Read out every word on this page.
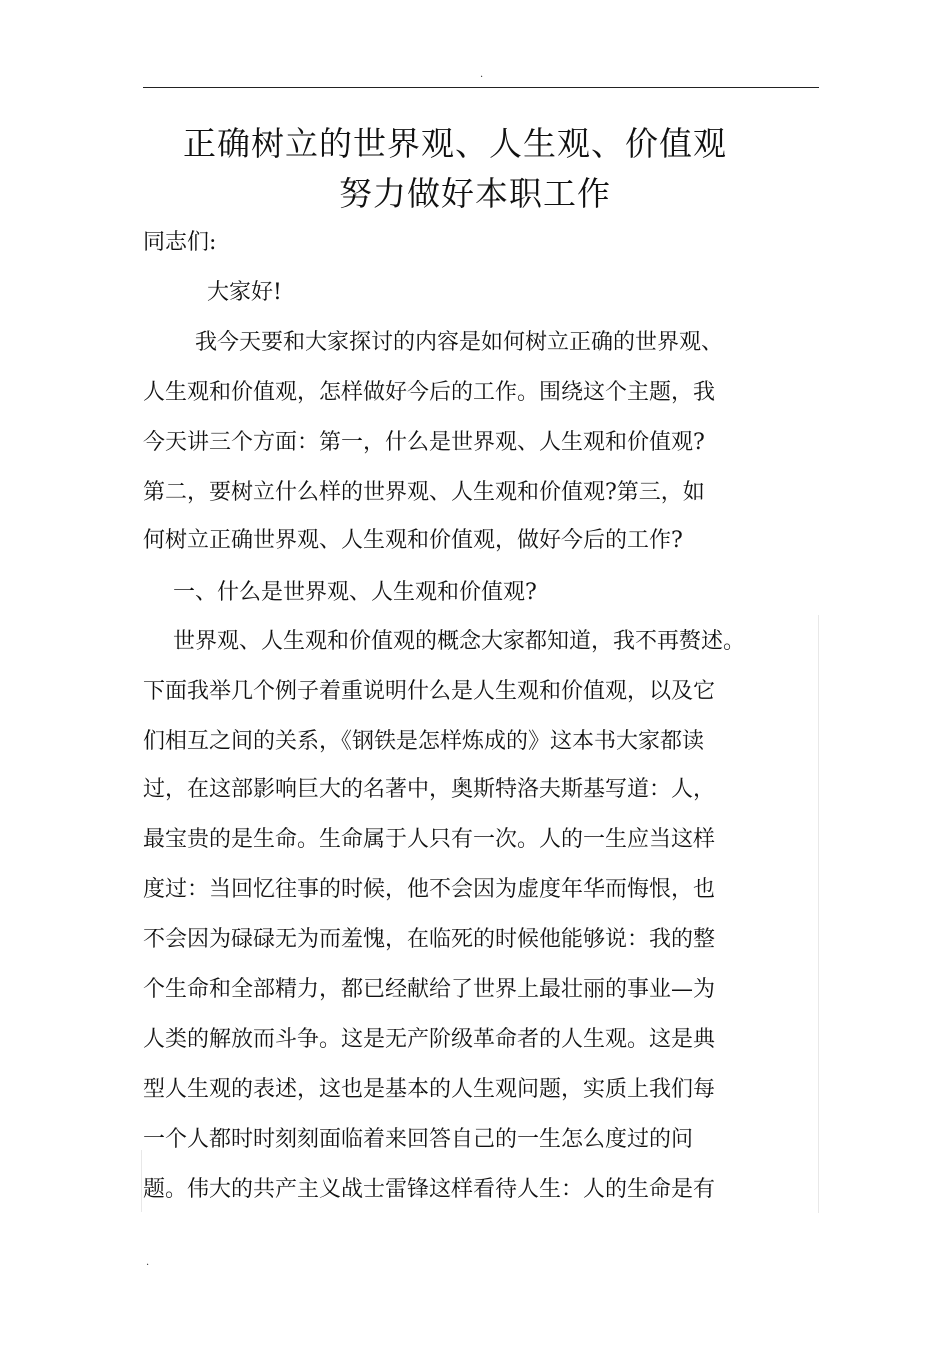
.
正确树立的世界观、人生观、价值观
努力做好本职工作
同志们:
大家好!
我今天要和大家探讨的内容是如何树立正确的世界观、
人生观和价值观，怎样做好今后的工作。围绕这个主题，我
今天讲三个方面：第一，什么是世界观、人生观和价值观?
第二，要树立什么样的世界观、人生观和价值观?第三，如
何树立正确世界观、人生观和价值观，做好今后的工作?
一、什么是世界观、人生观和价值观?
世界观、人生观和价值观的概念大家都知道，我不再赘述。
下面我举几个例子着重说明什么是人生观和价值观，以及它
们相互之间的关系，《钢铁是怎样炼成的》这本书大家都读
过，在这部影响巨大的名著中，奥斯特洛夫斯基写道：人，
最宝贵的是生命。生命属于人只有一次。人的一生应当这样
度过：当回忆往事的时候，他不会因为虚度年华而悔恨，也
不会因为碌碌无为而羞愧，在临死的时候他能够说：我的整
个生命和全部精力，都已经献给了世界上最壮丽的事业—为
人类的解放而斗争。这是无产阶级革命者的人生观。这是典
型人生观的表述，这也是基本的人生观问题，实质上我们每
一个人都时时刻刻面临着来回答自己的一生怎么度过的问
题。伟大的共产主义战士雷锋这样看待人生：人的生命是有
.
